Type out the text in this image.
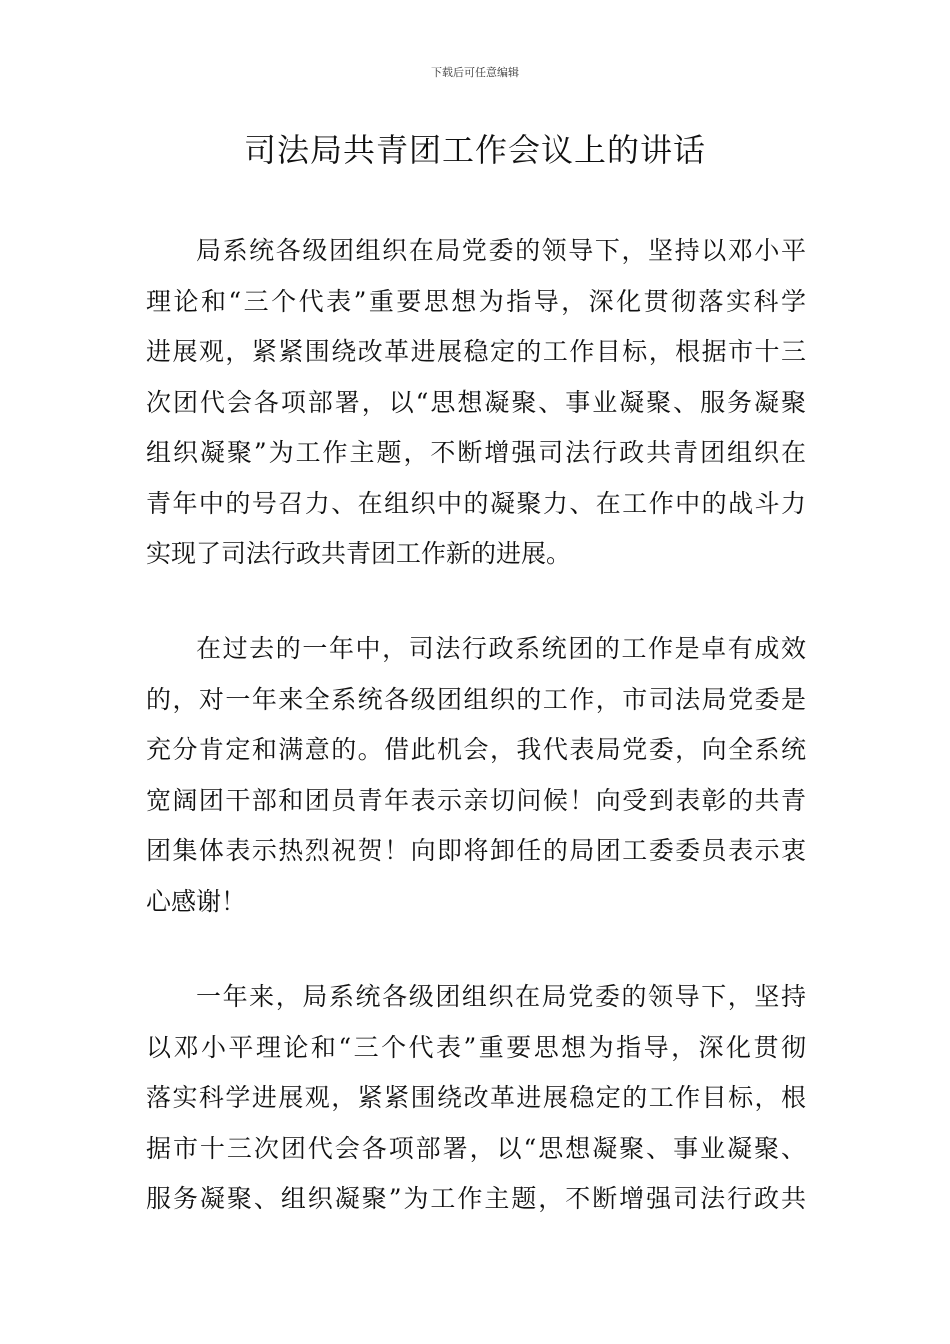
下载后可任意编辑
司法局共青团工作会议上的讲话
局系统各级团组织在局党委的领导下，坚持以邓小平
理论和“三个代表”重要思想为指导，深化贯彻落实科学
进展观，紧紧围绕改革进展稳定的工作目标，根据市十三
次团代会各项部署，以“思想凝聚、事业凝聚、服务凝聚
组织凝聚”为工作主题，不断增强司法行政共青团组织在
青年中的号召力、在组织中的凝聚力、在工作中的战斗力
实现了司法行政共青团工作新的进展。
在过去的一年中，司法行政系统团的工作是卓有成效
的，对一年来全系统各级团组织的工作，市司法局党委是
充分肯定和满意的。借此机会，我代表局党委，向全系统
宽阔团干部和团员青年表示亲切问候！向受到表彰的共青
团集体表示热烈祝贺！向即将卸任的局团工委委员表示衷
心感谢！
一年来，局系统各级团组织在局党委的领导下，坚持
以邓小平理论和“三个代表”重要思想为指导，深化贯彻
落实科学进展观，紧紧围绕改革进展稳定的工作目标，根
据市十三次团代会各项部署，以“思想凝聚、事业凝聚、
服务凝聚、组织凝聚”为工作主题，不断增强司法行政共
